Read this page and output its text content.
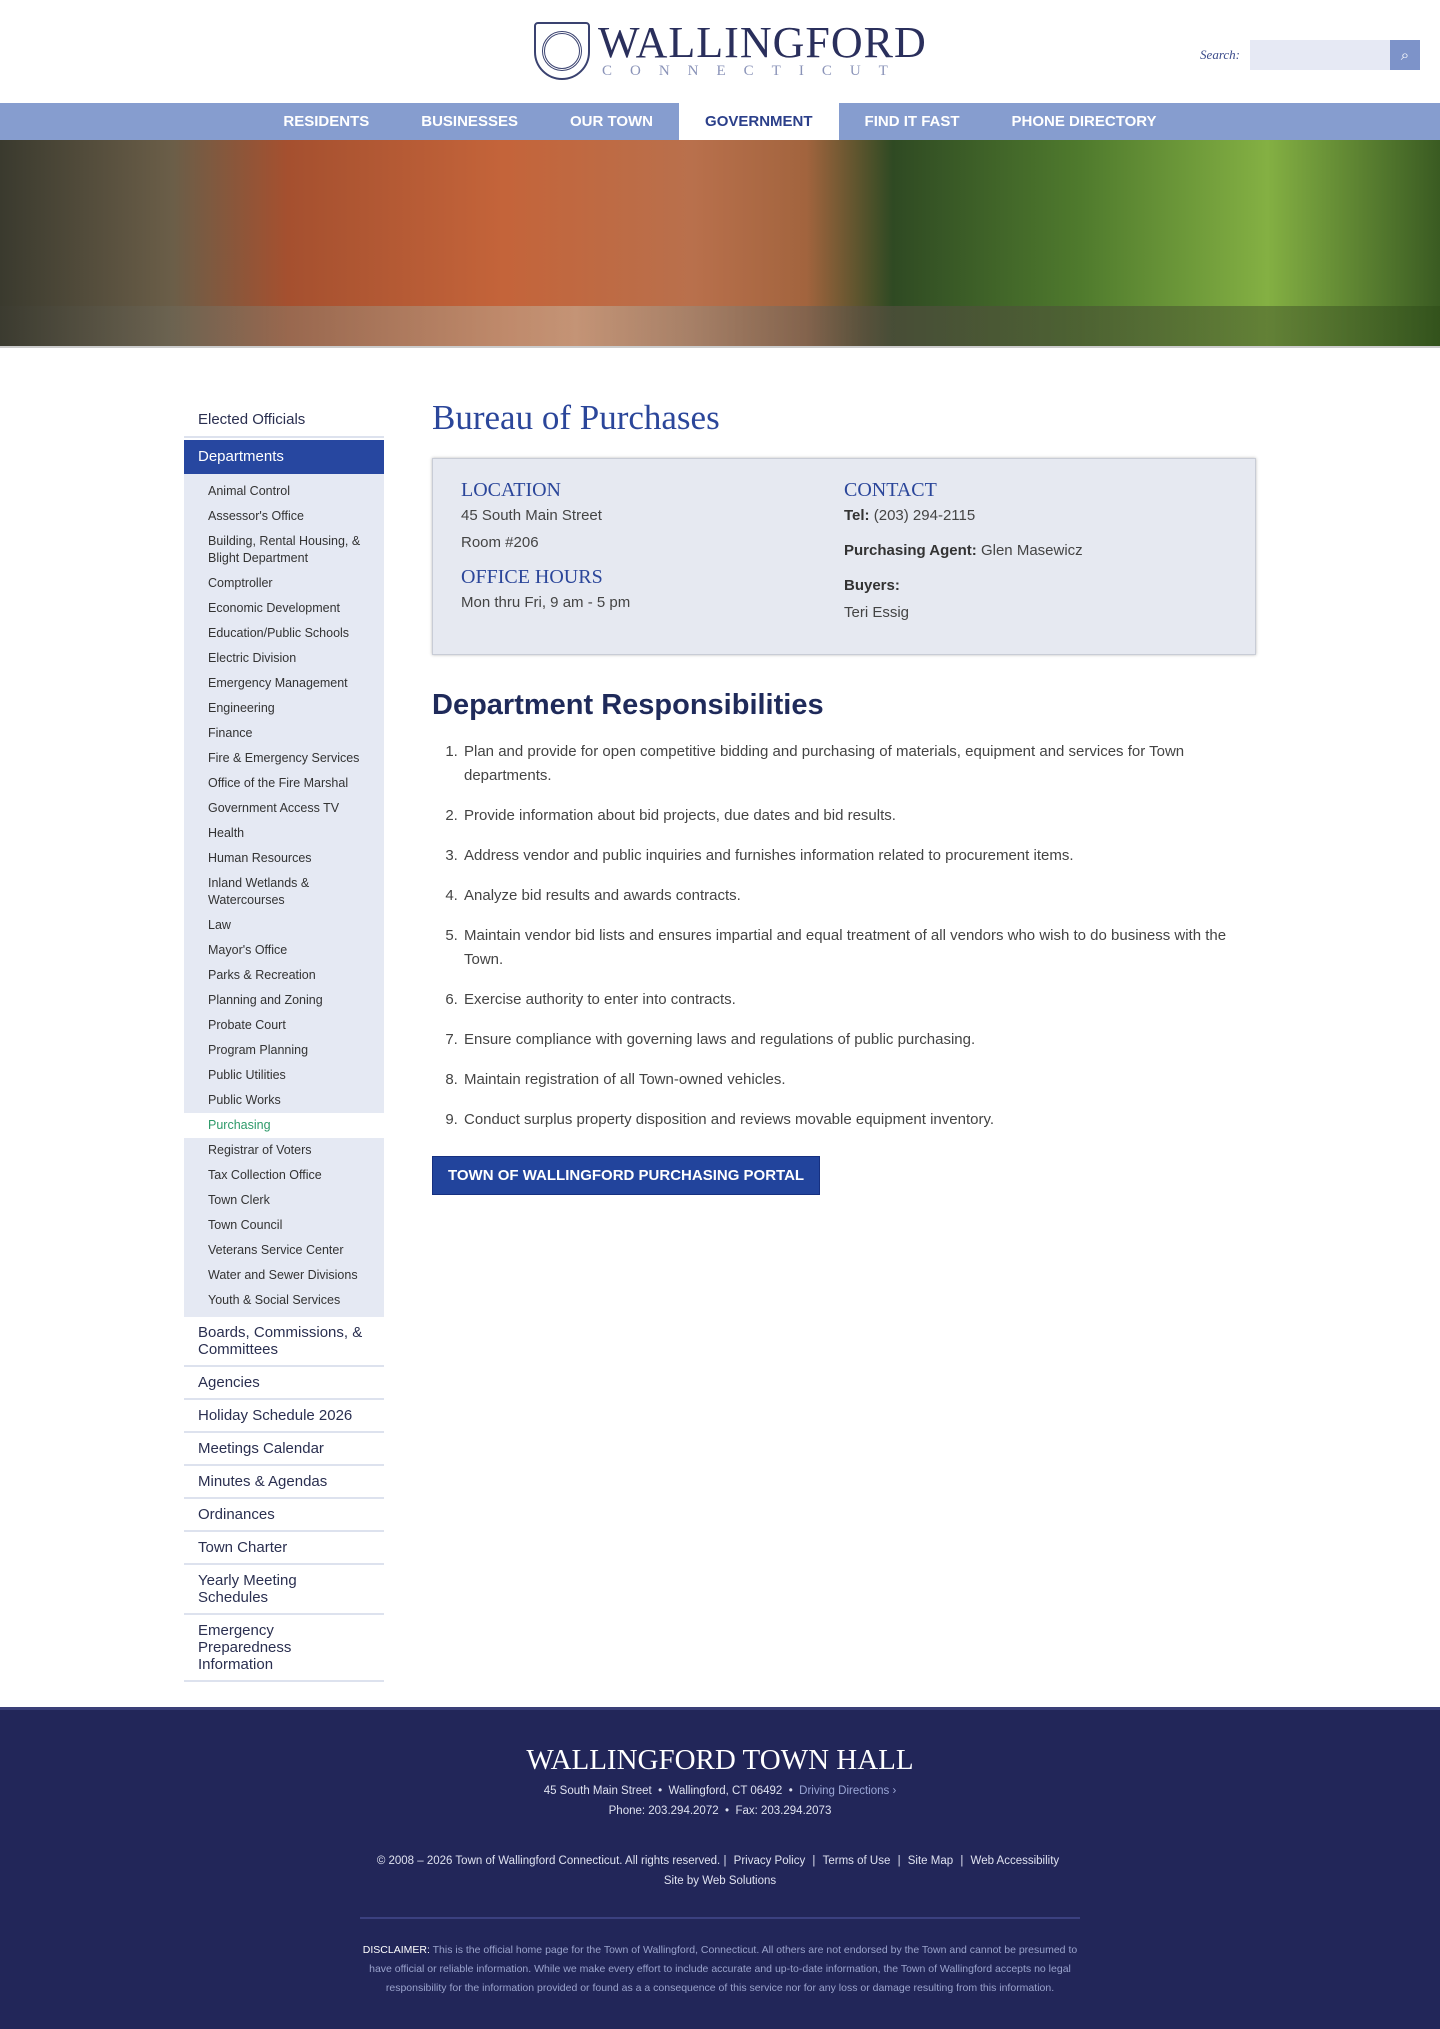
WALLINGFORD
CONNECTICUT
Search:	⌕
RESIDENTS	BUSINESSES	OUR TOWN	GOVERNMENT	FIND IT FAST	PHONE DIRECTORY
Elected Officials
Departments
Animal Control
Assessor's Office
Building, Rental Housing, & Blight Department
Comptroller
Economic Development
Education/Public Schools
Electric Division
Emergency Management
Engineering
Finance
Fire & Emergency Services
Office of the Fire Marshal
Government Access TV
Health
Human Resources
Inland Wetlands & Watercourses
Law
Mayor's Office
Parks & Recreation
Planning and Zoning
Probate Court
Program Planning
Public Utilities
Public Works
Purchasing
Registrar of Voters
Tax Collection Office
Town Clerk
Town Council
Veterans Service Center
Water and Sewer Divisions
Youth & Social Services
Boards, Commissions, & Committees
Agencies
Holiday Schedule 2026
Meetings Calendar
Minutes & Agendas
Ordinances
Town Charter
Yearly Meeting Schedules
Emergency Preparedness Information
Bureau of Purchases
LOCATION

45 South Main Street

Room #206

OFFICE HOURS

Mon thru Fri, 9 am - 5 pm

CONTACT

Tel: (203) 294-2115

Purchasing Agent: Glen Masewicz

Buyers:

Teri Essig

Department Responsibilities
1. Plan and provide for open competitive bidding and purchasing of materials, equipment and services for Town departments.
2. Provide information about bid projects, due dates and bid results.
3. Address vendor and public inquiries and furnishes information related to procurement items.
4. Analyze bid results and awards contracts.
5. Maintain vendor bid lists and ensures impartial and equal treatment of all vendors who wish to do business with the Town.
6. Exercise authority to enter into contracts.
7. Ensure compliance with governing laws and regulations of public purchasing.
8. Maintain registration of all Town-owned vehicles.
9. Conduct surplus property disposition and reviews movable equipment inventory.
TOWN OF WALLINGFORD PURCHASING PORTAL
WALLINGFORD TOWN HALL
45 South Main Street  •  Wallingford, CT 06492  •  Driving Directions ›
Phone: 203.294.2072  •  Fax: 203.294.2073
© 2008 – 2026 Town of Wallingford Connecticut. All rights reserved. | Privacy Policy | Terms of Use | Site Map | Web Accessibility
Site by Web Solutions

DISCLAIMER: This is the official home page for the Town of Wallingford, Connecticut. All others are not endorsed by the Town and cannot be presumed to have official or reliable information. While we make every effort to include accurate and up-to-date information, the Town of Wallingford accepts no legal responsibility for the information provided or found as a a consequence of this service nor for any loss or damage resulting from this information.
